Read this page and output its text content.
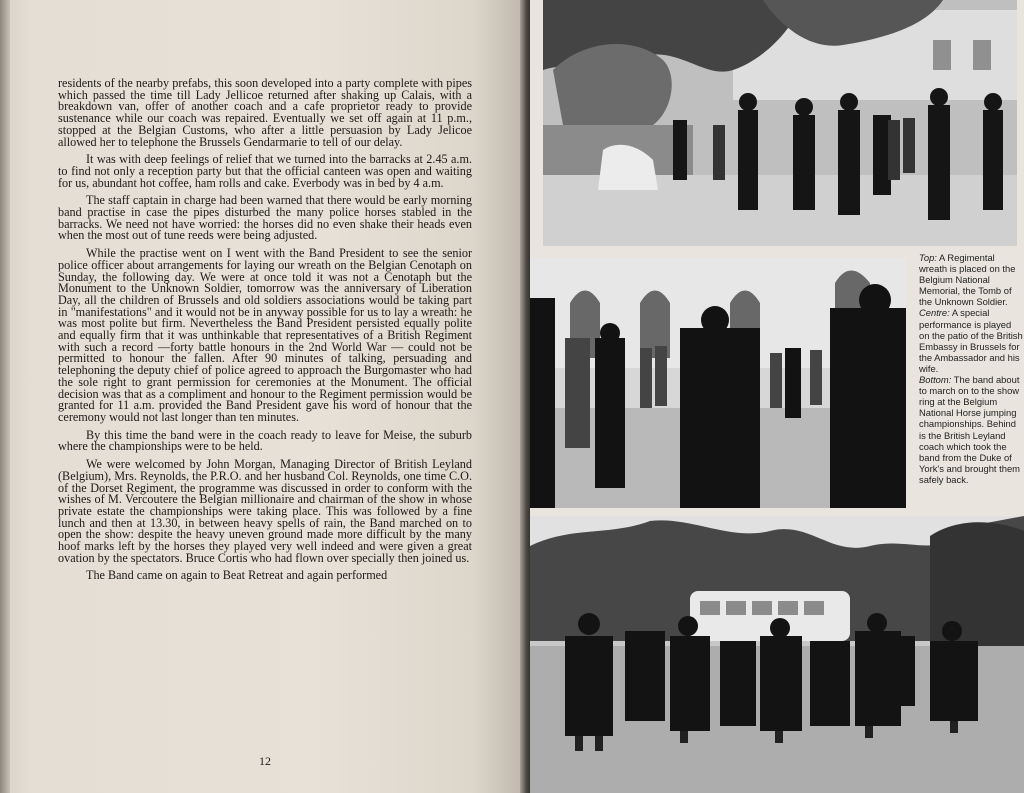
residents of the nearby prefabs, this soon developed into a party complete with pipes which passed the time till Lady Jellicoe returned after shaking up Calais, with a breakdown van, offer of another coach and a cafe proprietor ready to provide sustenance while our coach was repaired. Eventually we set off again at 11 p.m., stopped at the Belgian Customs, who after a little persuasion by Lady Jelicoe allowed her to telephone the Brussels Gendarmarie to tell of our delay.

It was with deep feelings of relief that we turned into the barracks at 2.45 a.m. to find not only a reception party but that the official canteen was open and waiting for us, abundant hot coffee, ham rolls and cake. Everbody was in bed by 4 a.m.

The staff captain in charge had been warned that there would be early morning band practise in case the pipes disturbed the many police horses stabled in the barracks. We need not have worried: the horses did no even shake their heads even when the most out of tune reeds were being adjusted.

While the practise went on I went with the Band President to see the senior police officer about arrangements for laying our wreath on the Belgian Cenotaph on Sunday, the following day. We were at once told it was not a Cenotaph but the Monument to the Unknown Soldier, tomorrow was the anniversary of Liberation Day, all the children of Brussels and old soldiers associations would be taking part in "manifestations" and it would not be in anyway possible for us to lay a wreath: he was most polite but firm. Nevertheless the Band President persisted equally polite and equally firm that it was unthinkable that representatives of a British Regiment with such a record —forty battle honours in the 2nd World War — could not be permitted to honour the fallen. After 90 minutes of talking, persuading and telephoning the deputy chief of police agreed to approach the Burgomaster who had the sole right to grant permission for ceremonies at the Monument. The official decision was that as a compliment and honour to the Regiment permission would be granted for 11 a.m. provided the Band President gave his word of honour that the ceremony would not last longer than ten minutes.

By this time the band were in the coach ready to leave for Meise, the suburb where the championships were to be held.

We were welcomed by John Morgan, Managing Director of British Leyland (Belgium), Mrs. Reynolds, the P.R.O. and her husband Col. Reynolds, one time C.O. of the Dorset Regiment, the programme was discussed in order to conform with the wishes of M. Vercoutere the Belgian millionaire and chairman of the show in whose private estate the championships were taking place. This was followed by a fine lunch and then at 13.30, in between heavy spells of rain, the Band marched on to open the show: despite the heavy uneven ground made more difficult by the many hoof marks left by the horses they played very well indeed and were given a great ovation by the spectators. Bruce Cortis who had flown over specially then joined us.

The Band came on again to Beat Retreat and again performed

12

Top: A Regimental wreath is placed on the Belgium National Memorial, the Tomb of the Unknown Soldier.

Centre: A special performance is played on the patio of the British Embassy in Brussels for the Ambassador and his wife.

Bottom: The band about to march on to the show ring at the Belgium National Horse jumping championships. Behind is the British Leyland coach which took the band from the Duke of York's and brought them safely back.
